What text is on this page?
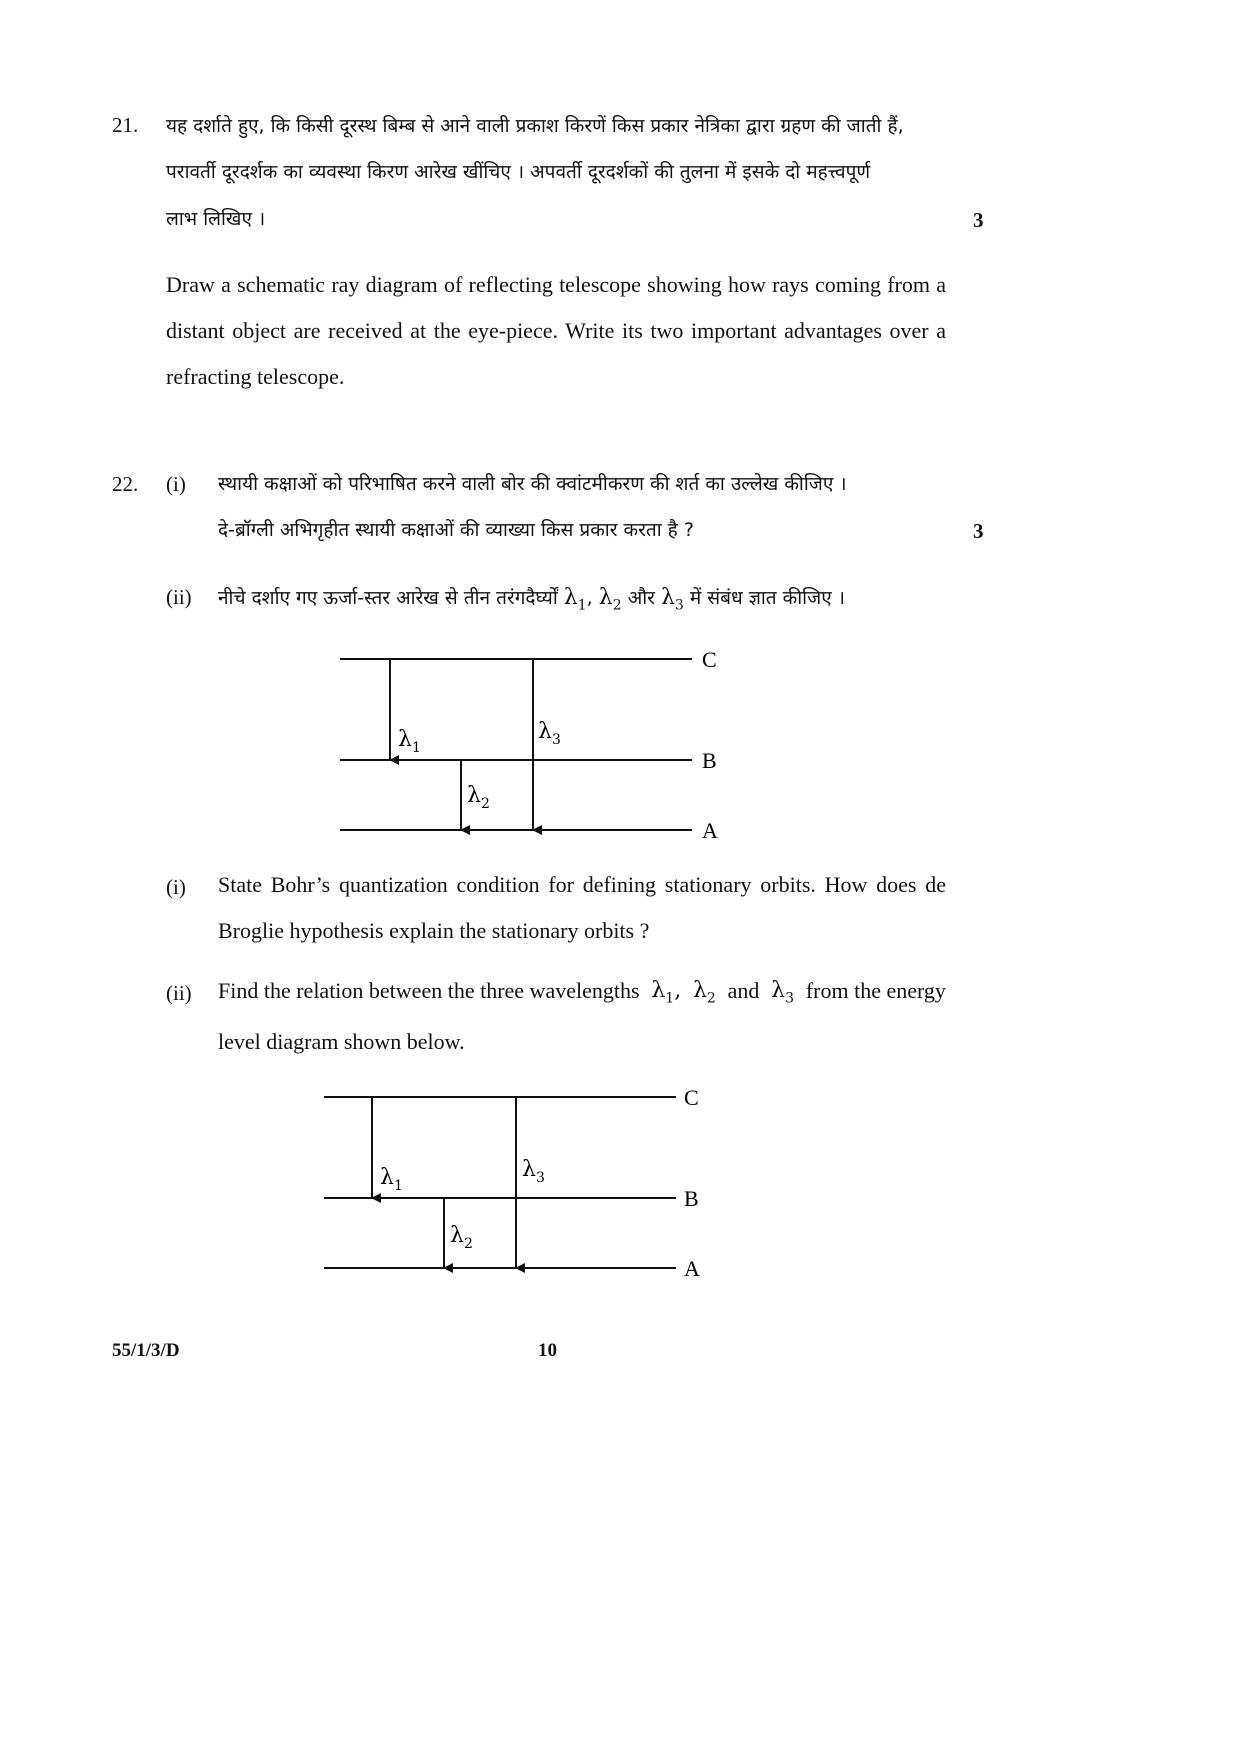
21. यह दर्शाते हुए, कि किसी दूरस्थ बिम्ब से आने वाली प्रकाश किरणें किस प्रकार नेत्रिका द्वारा ग्रहण की जाती हैं,
परावर्ती दूरदर्शक का व्यवस्था किरण आरेख खींचिए । अपवर्ती दूरदर्शकों की तुलना में इसके दो महत्त्वपूर्ण
लाभ लिखिए ।	3
Draw a schematic ray diagram of reflecting telescope showing how rays coming from a distant object are received at the eye-piece. Write its two important advantages over a refracting telescope.
22. (i) स्थायी कक्षाओं को परिभाषित करने वाली बोर की क्वांटमीकरण की शर्त का उल्लेख कीजिए ।
दे-ब्रॉग्ली अभिगृहीत स्थायी कक्षाओं की व्याख्या किस प्रकार करता है ?	3
(ii) नीचे दर्शाए गए ऊर्जा-स्तर आरेख से तीन तरंगदैर्घ्यों $\lambda_1$, $\lambda_2$ और $\lambda_3$ में संबंध ज्ञात कीजिए ।
C
B
A
$\lambda_1$
$\lambda_3$
$\lambda_2$
(i) State Bohr’s quantization condition for defining stationary orbits. How does de Broglie hypothesis explain the stationary orbits ?
(ii) Find the relation between the three wavelengths $\lambda_1$, $\lambda_2$ and $\lambda_3$ from the energy
level diagram shown below.
C
B
A
$\lambda_1$
$\lambda_3$
$\lambda_2$
55/1/3/D	10
